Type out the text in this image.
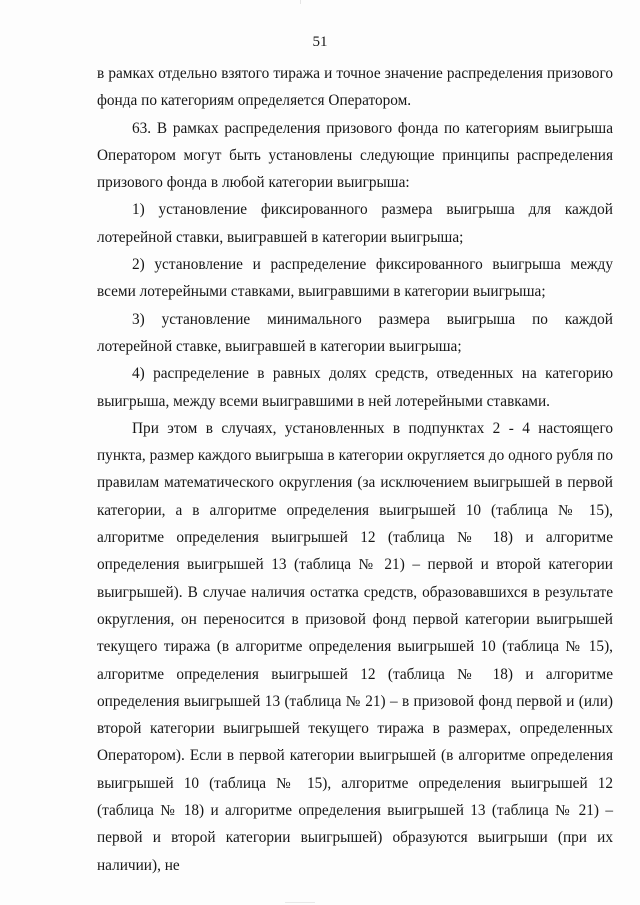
51

в рамках отдельно взятого тиража и точное значение распределения призового фонда по категориям определяется Оператором.

63. В рамках распределения призового фонда по категориям выигрыша Оператором могут быть установлены следующие принципы распределения призового фонда в любой категории выигрыша:

1) установление фиксированного размера выигрыша для каждой лотерейной ставки, выигравшей в категории выигрыша;

2) установление и распределение фиксированного выигрыша между всеми лотерейными ставками, выигравшими в категории выигрыша;

3) установление минимального размера выигрыша по каждой лотерейной ставке, выигравшей в категории выигрыша;

4) распределение в равных долях средств, отведенных на категорию выигрыша, между всеми выигравшими в ней лотерейными ставками.

При этом в случаях, установленных в подпунктах 2 - 4 настоящего пункта, размер каждого выигрыша в категории округляется до одного рубля по правилам математического округления (за исключением выигрышей в первой категории, а в алгоритме определения выигрышей 10 (таблица № 15), алгоритме определения выигрышей 12 (таблица № 18) и алгоритме определения выигрышей 13 (таблица № 21) – первой и второй категории выигрышей). В случае наличия остатка средств, образовавшихся в результате округления, он переносится в призовой фонд первой категории выигрышей текущего тиража (в алгоритме определения выигрышей 10 (таблица № 15), алгоритме определения выигрышей 12 (таблица № 18) и алгоритме определения выигрышей 13 (таблица № 21) – в призовой фонд первой и (или) второй категории выигрышей текущего тиража в размерах, определенных Оператором). Если в первой категории выигрышей (в алгоритме определения выигрышей 10 (таблица № 15), алгоритме определения выигрышей 12 (таблица № 18) и алгоритме определения выигрышей 13 (таблица № 21) – первой и второй категории выигрышей) образуются выигрыши (при их наличии), не
